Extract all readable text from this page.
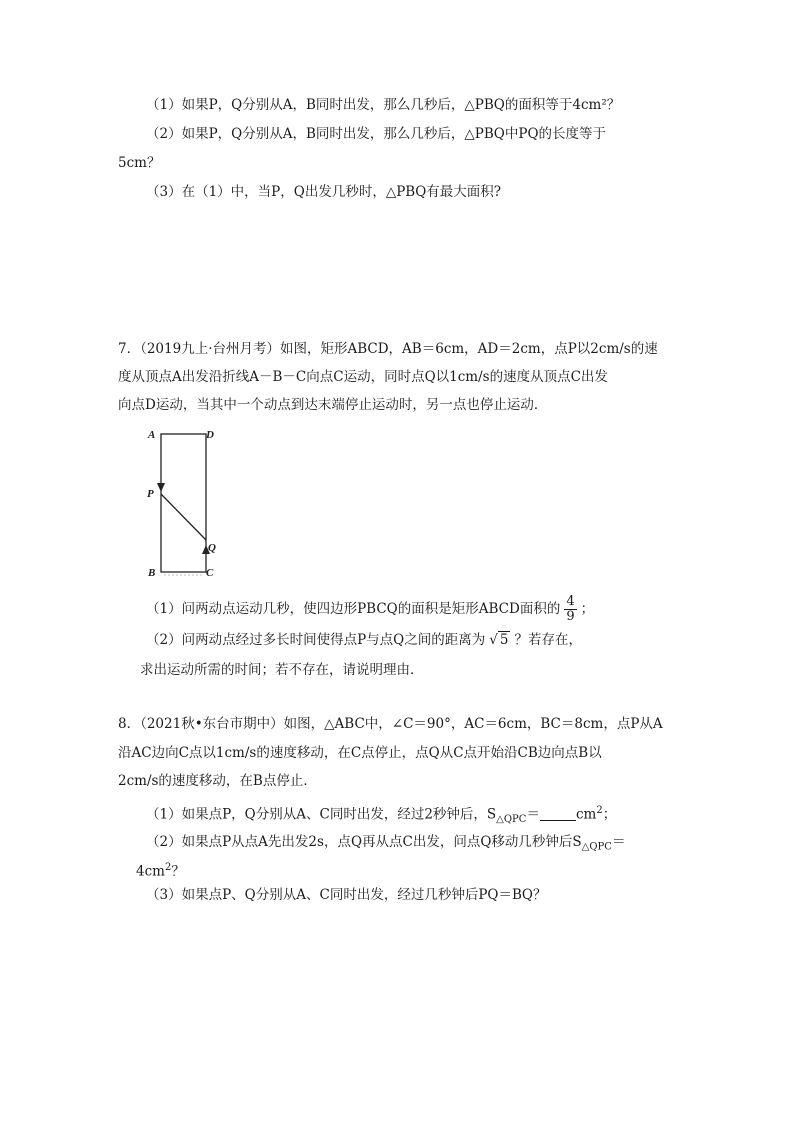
（1）如果P，Q分别从A，B同时出发，那么几秒后，△PBQ的面积等于4cm²？
（2）如果P，Q分别从A，B同时出发，那么几秒后，△PBQ中PQ的长度等于
5cm？
（3）在（1）中，当P，Q出发几秒时，△PBQ有最大面积?
7．（2019九上·台州月考）如图，矩形ABCD，AB＝6cm，AD＝2cm，点P以2cm/s的速
度从顶点A出发沿折线A－B－C向点C运动，同时点Q以1cm/s的速度从顶点C出发
向点D运动，当其中一个动点到达末端停止运动时，另一点也停止运动．
A	D
P
Q
B	C
（1）问两动点运动几秒，使四边形PBCQ的面积是矩形ABCD面积的 $\frac{4}{9}$ ；
（2）问两动点经过多长时间使得点P与点Q之间的距离为 √ 5 ？若存在，
求出运动所需的时间；若不存在，请说明理由．
8．（2021秋•东台市期中）如图，△ABC中，∠C＝90°，AC＝6cm，BC＝8cm，点P从A
沿AC边向C点以1cm/s的速度移动，在C点停止，点Q从C点开始沿CB边向点B以
2cm/s的速度移动，在B点停止．
（1）如果点P，Q分别从A、C同时出发，经过2秒钟后，$S_{\triangle QPC}=$	$cm^2$；
（2）如果点P从点A先出发2s，点Q再从点C出发，问点Q移动几秒钟后$S_{\triangle QPC}=$
$4cm^2$？
（3）如果点P、Q分别从A、C同时出发，经过几秒钟后PQ＝BQ？
